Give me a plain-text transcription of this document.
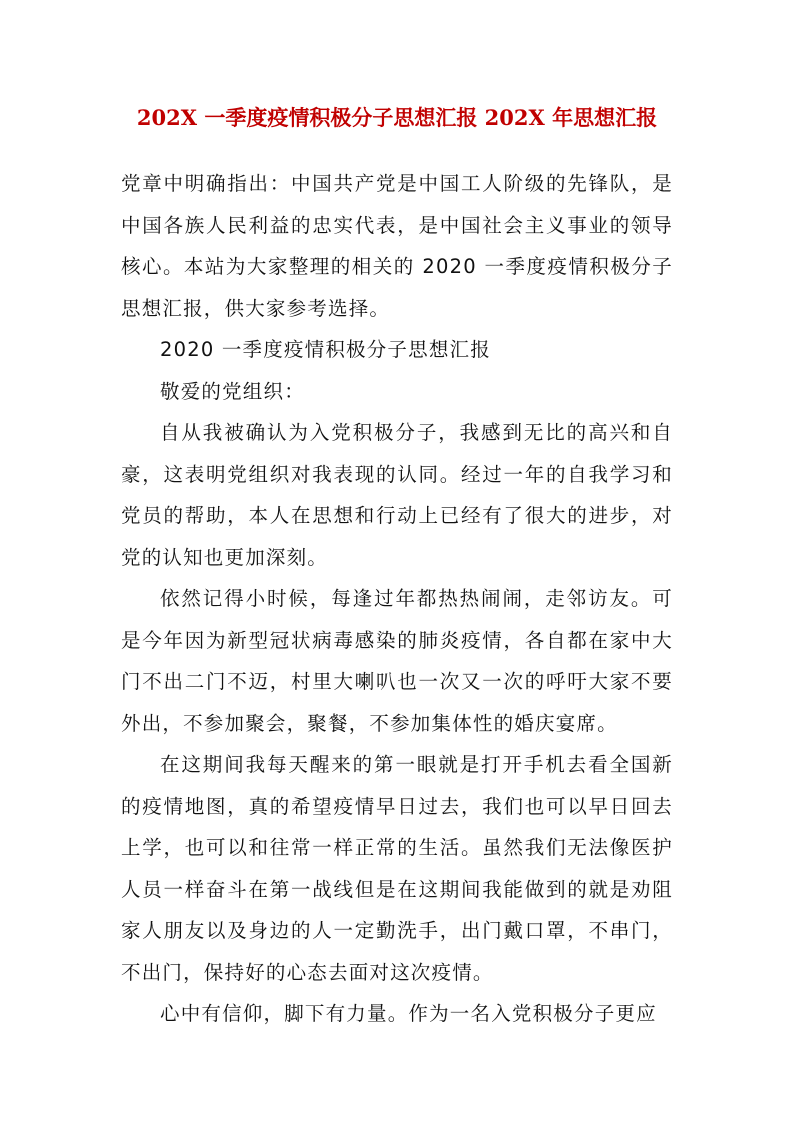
202X 一季度疫情积极分子思想汇报 202X 年思想汇报

党章中明确指出：中国共产党是中国工人阶级的先锋队，是中国各族人民利益的忠实代表，是中国社会主义事业的领导核心。本站为大家整理的相关的 2020 一季度疫情积极分子思想汇报，供大家参考选择。

2020 一季度疫情积极分子思想汇报

敬爱的党组织：

自从我被确认为入党积极分子，我感到无比的高兴和自豪，这表明党组织对我表现的认同。经过一年的自我学习和党员的帮助，本人在思想和行动上已经有了很大的进步，对党的认知也更加深刻。

依然记得小时候，每逢过年都热热闹闹，走邻访友。可是今年因为新型冠状病毒感染的肺炎疫情，各自都在家中大门不出二门不迈，村里大喇叭也一次又一次的呼吁大家不要外出，不参加聚会，聚餐，不参加集体性的婚庆宴席。

在这期间我每天醒来的第一眼就是打开手机去看全国新的疫情地图，真的希望疫情早日过去，我们也可以早日回去上学，也可以和往常一样正常的生活。虽然我们无法像医护人员一样奋斗在第一战线但是在这期间我能做到的就是劝阻家人朋友以及身边的人一定勤洗手，出门戴口罩，不串门，不出门，保持好的心态去面对这次疫情。

心中有信仰，脚下有力量。作为一名入党积极分子更应
